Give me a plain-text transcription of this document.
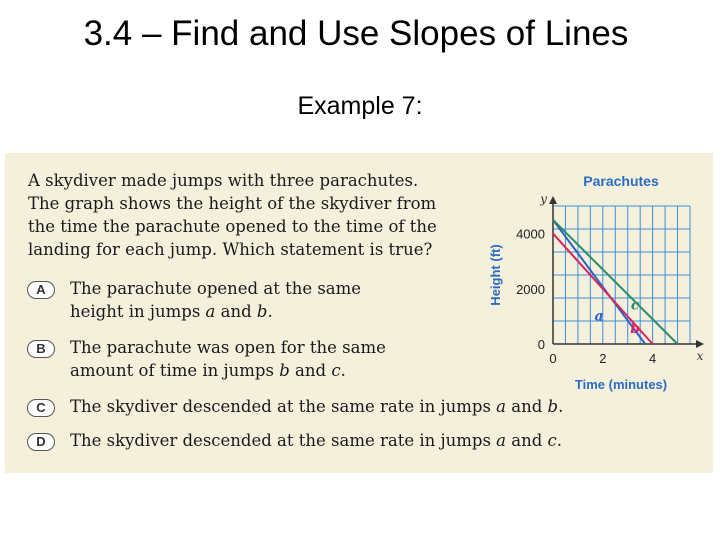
3.4 – Find and Use Slopes of Lines
Example 7:
A skydiver made jumps with three parachutes.
The graph shows the height of the skydiver from
the time the parachute opened to the time of the
landing for each jump. Which statement is true?
A	The parachute opened at the same
height in jumps a and b.
B	The parachute was open for the same
amount of time in jumps b and c.
C	The skydiver descended at the same rate in jumps a and b.
D	The skydiver descended at the same rate in jumps a and c.
Parachutes
y
x
0
2000
4000
0	2	4
Time (minutes)
Height (ft)
a
b
c
